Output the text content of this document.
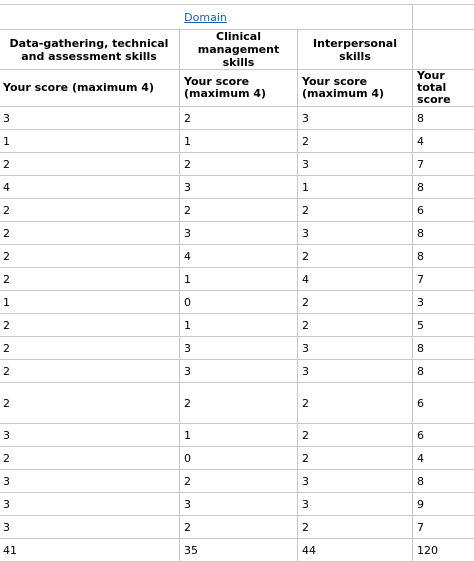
Domain			
Data-gathering, technical and assessment skills	Clinical management skills	Interpersonal skills	
Your score (maximum 4)	Your score (maximum 4)	Your score (maximum 4)	Your total score
3	2	3	8
1	1	2	4
2	2	3	7
4	3	1	8
2	2	2	6
2	3	3	8
2	4	2	8
2	1	4	7
1	0	2	3
2	1	2	5
2	3	3	8
2	3	3	8
2	2	2	6
3	1	2	6
2	0	2	4
3	2	3	8
3	3	3	9
3	2	2	7
41	35	44	120
